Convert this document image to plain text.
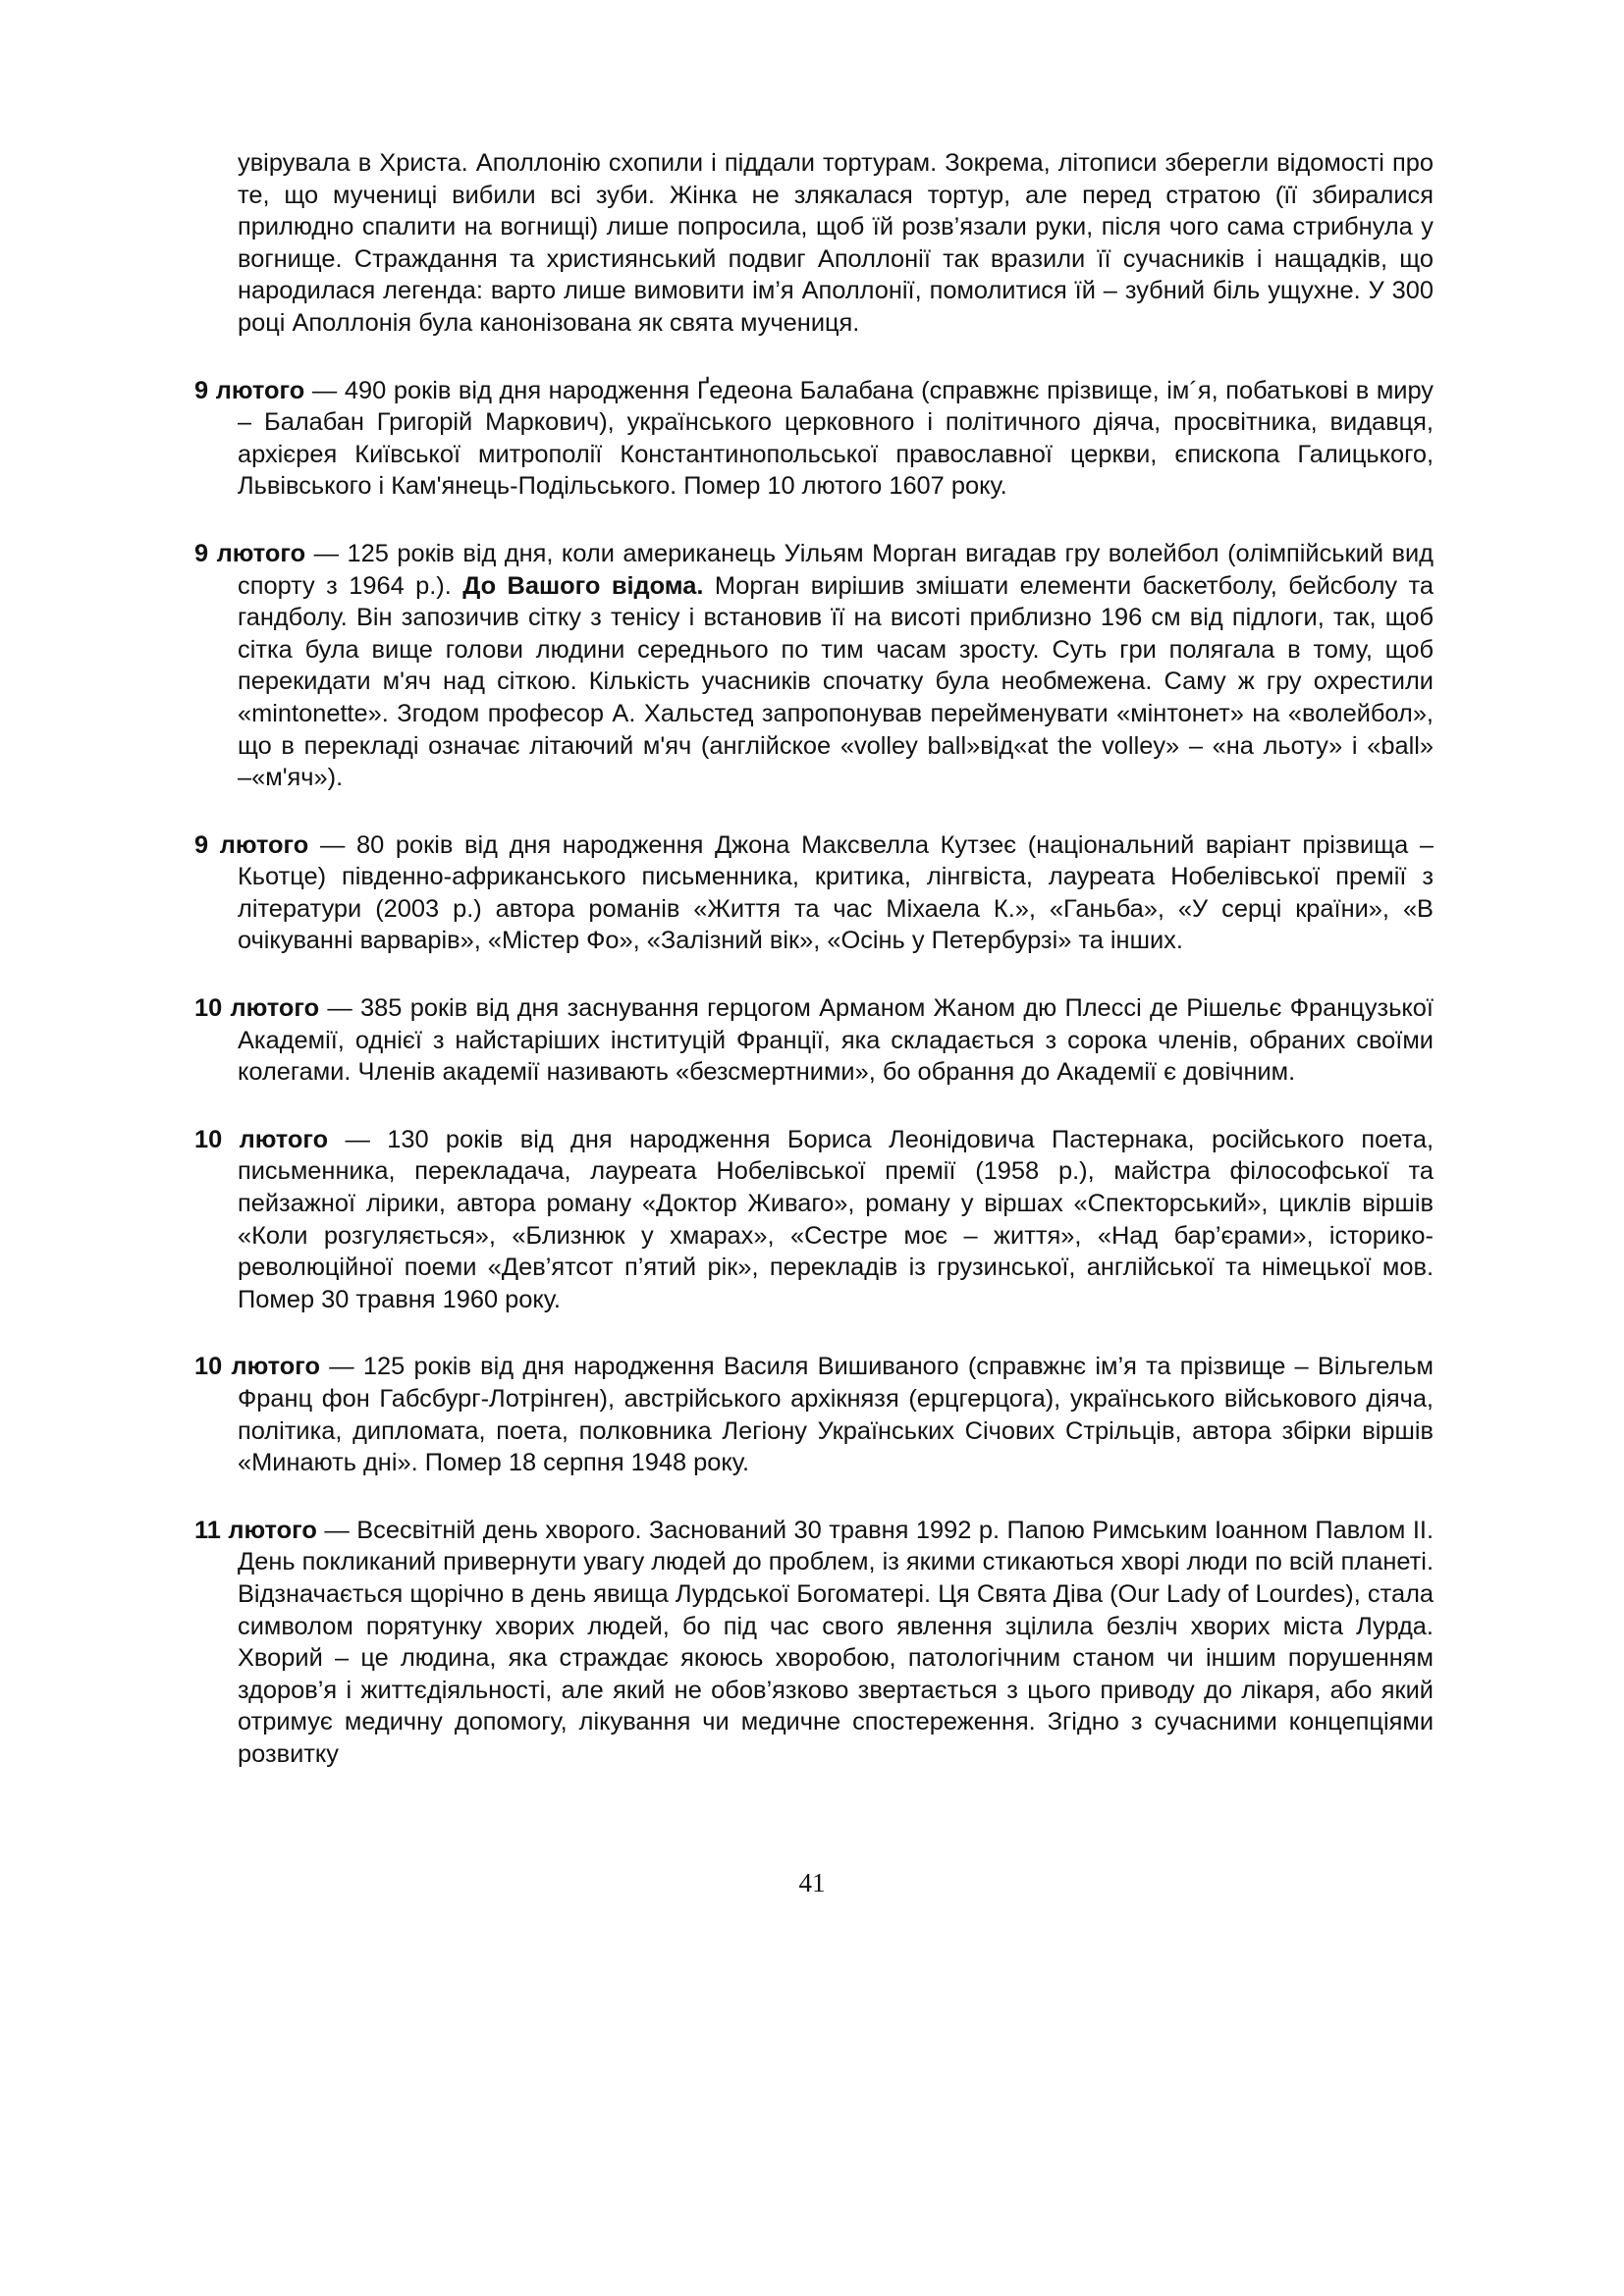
увірувала в Христа. Аполлонію схопили і піддали тортурам. Зокрема, літописи зберегли відомості про те, що мучениці вибили всі зуби. Жінка не злякалася тортур, але перед стратою (її збиралися прилюдно спалити на вогнищі) лише попросила, щоб їй розв’язали руки, після чого сама стрибнула у вогнище. Страждання та християнський подвиг Аполлонії так вразили її сучасників і нащадків, що народилася легенда: варто лише вимовити ім’я Аполлонії, помолитися їй – зубний біль ущухне. У 300 році Аполлонія була канонізована як свята мучениця.

9 лютого — 490 років від дня народження Ґедеона Балабана (справжнє прізвище, ім´я, побатькові в миру – Балабан Григорій Маркович), українського церковного і політичного діяча, просвітника, видавця, архієрея Київської митрополії Константинопольської православної церкви, єпископа Галицького, Львівського і Кам'янець-Подільського. Помер 10 лютого 1607 року.

9 лютого — 125 років від дня, коли американець Уільям Морган вигадав гру волейбол (олімпійський вид спорту з 1964 р.). До Вашого відома. Морган вирішив змішати елементи баскетболу, бейсболу та гандболу. Він запозичив сітку з тенісу і встановив її на висоті приблизно 196 см від підлоги, так, щоб сітка була вище голови людини середнього по тим часам зросту. Суть гри полягала в тому, щоб перекидати м'яч над сіткою. Кількість учасників спочатку була необмежена. Саму ж гру охрестили «mintonette». Згодом професор А. Хальстед запропонував перейменувати «мінтонет» на «волейбол», що в перекладі означає літаючий м'яч (англійское «volley ball»від«at the volley» – «на льоту» і «ball» –«м'яч»).

9 лютого — 80 років від дня народження Джона Максвелла Кутзеє (національний варіант прізвища – Кьотце) південно-африканського письменника, критика, лінгвіста, лауреата Нобелівської премії з літератури (2003 р.) автора романів «Життя та час Міхаела К.», «Ганьба», «У серці країни», «В очікуванні варварів», «Містер Фо», «Залізний вік», «Осінь у Петербурзі» та інших.

10 лютого — 385 років від дня заснування герцогом Арманом Жаном дю Плессі де Рішельє Французької Академії, однієї з найстаріших інституцій Франції, яка складається з сорока членів, обраних своїми колегами. Членів академії називають «безсмертними», бо обрання до Академії є довічним.

10 лютого — 130 років від дня народження Бориса Леонідовича Пастернака, російського поета, письменника, перекладача, лауреата Нобелівської премії (1958 р.), майстра філософської та пейзажної лірики, автора роману «Доктор Живаго», роману у віршах «Спекторський», циклів віршів «Коли розгуляється», «Близнюк у хмарах», «Сестре моє – життя», «Над бар’єрами», історико-революційної поеми «Дев’ятсот п’ятий рік», перекладів із грузинської, англійської та німецької мов. Помер 30 травня 1960 року.

10 лютого — 125 років від дня народження Василя Вишиваного (справжнє ім’я та прізвище – Вільгельм Франц фон Габсбург-Лотрінген), австрійського архікнязя (ерцгерцога), українського військового діяча, політика, дипломата, поета, полковника Легіону Українських Січових Стрільців, автора збірки віршів «Минають дні». Помер 18 серпня 1948 року.

11 лютого — Всесвітній день хворого. Заснований 30 травня 1992 р. Папою Римським Іоанном Павлом ІІ. День покликаний привернути увагу людей до проблем, із якими стикаються хворі люди по всій планеті. Відзначається щорічно в день явища Лурдської Богоматері. Ця Свята Діва (Our Lady of Lourdes), стала символом порятунку хворих людей, бо під час свого явлення зцілила безліч хворих міста Лурда. Хворий – це людина, яка страждає якоюсь хворобою, патологічним станом чи іншим порушенням здоров’я і життєдіяльності, але який не обов’язково звертається з цього приводу до лікаря, або який отримує медичну допомогу, лікування чи медичне спостереження. Згідно з сучасними концепціями розвитку

41
